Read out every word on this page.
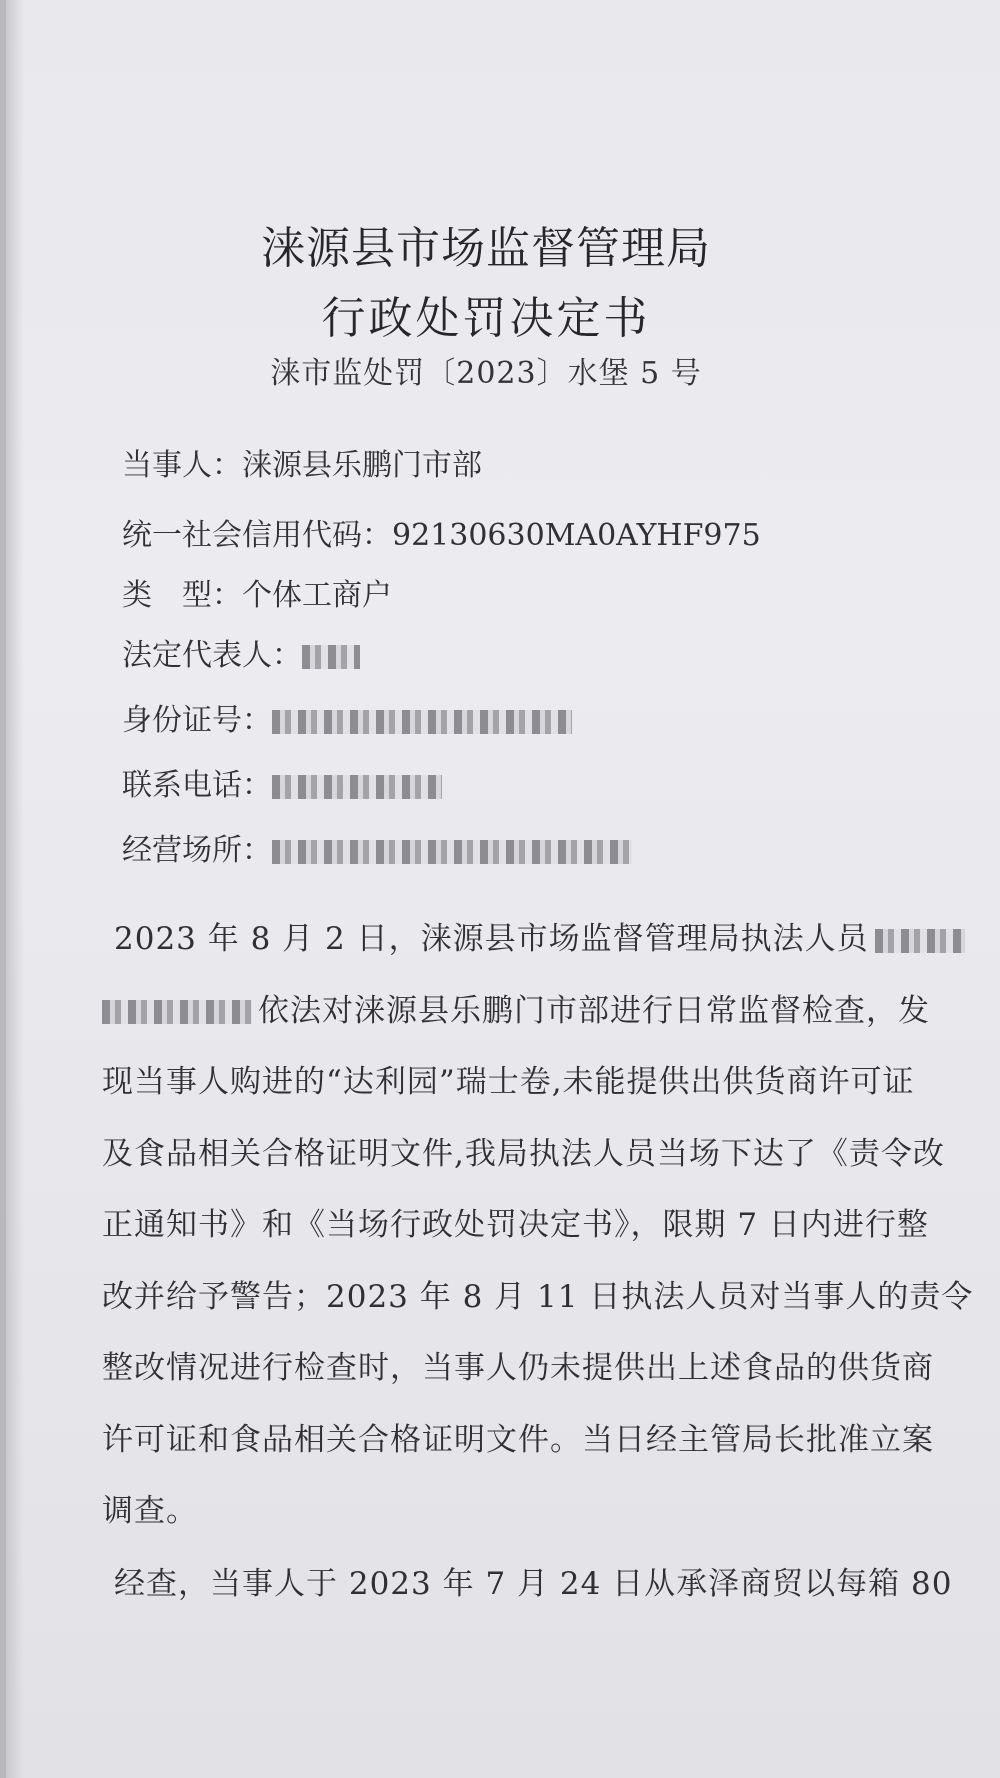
涞源县市场监督管理局
行政处罚决定书
涞市监处罚〔2023〕水堡 5 号
当事人：涞源县乐鹏门市部
统一社会信用代码：92130630MA0AYHF975
类　型：个体工商户
法定代表人：
身份证号：
联系电话：
经营场所：
2023 年 8 月 2 日，涞源县市场监督管理局执法人员
依法对涞源县乐鹏门市部进行日常监督检查，发
现当事人购进的“达利园”瑞士卷,未能提供出供货商许可证
及食品相关合格证明文件,我局执法人员当场下达了《责令改
正通知书》和《当场行政处罚决定书》，限期 7 日内进行整
改并给予警告；2023 年 8 月 11 日执法人员对当事人的责令
整改情况进行检查时，当事人仍未提供出上述食品的供货商
许可证和食品相关合格证明文件。当日经主管局长批准立案
调查。
经查，当事人于 2023 年 7 月 24 日从承泽商贸以每箱 80
